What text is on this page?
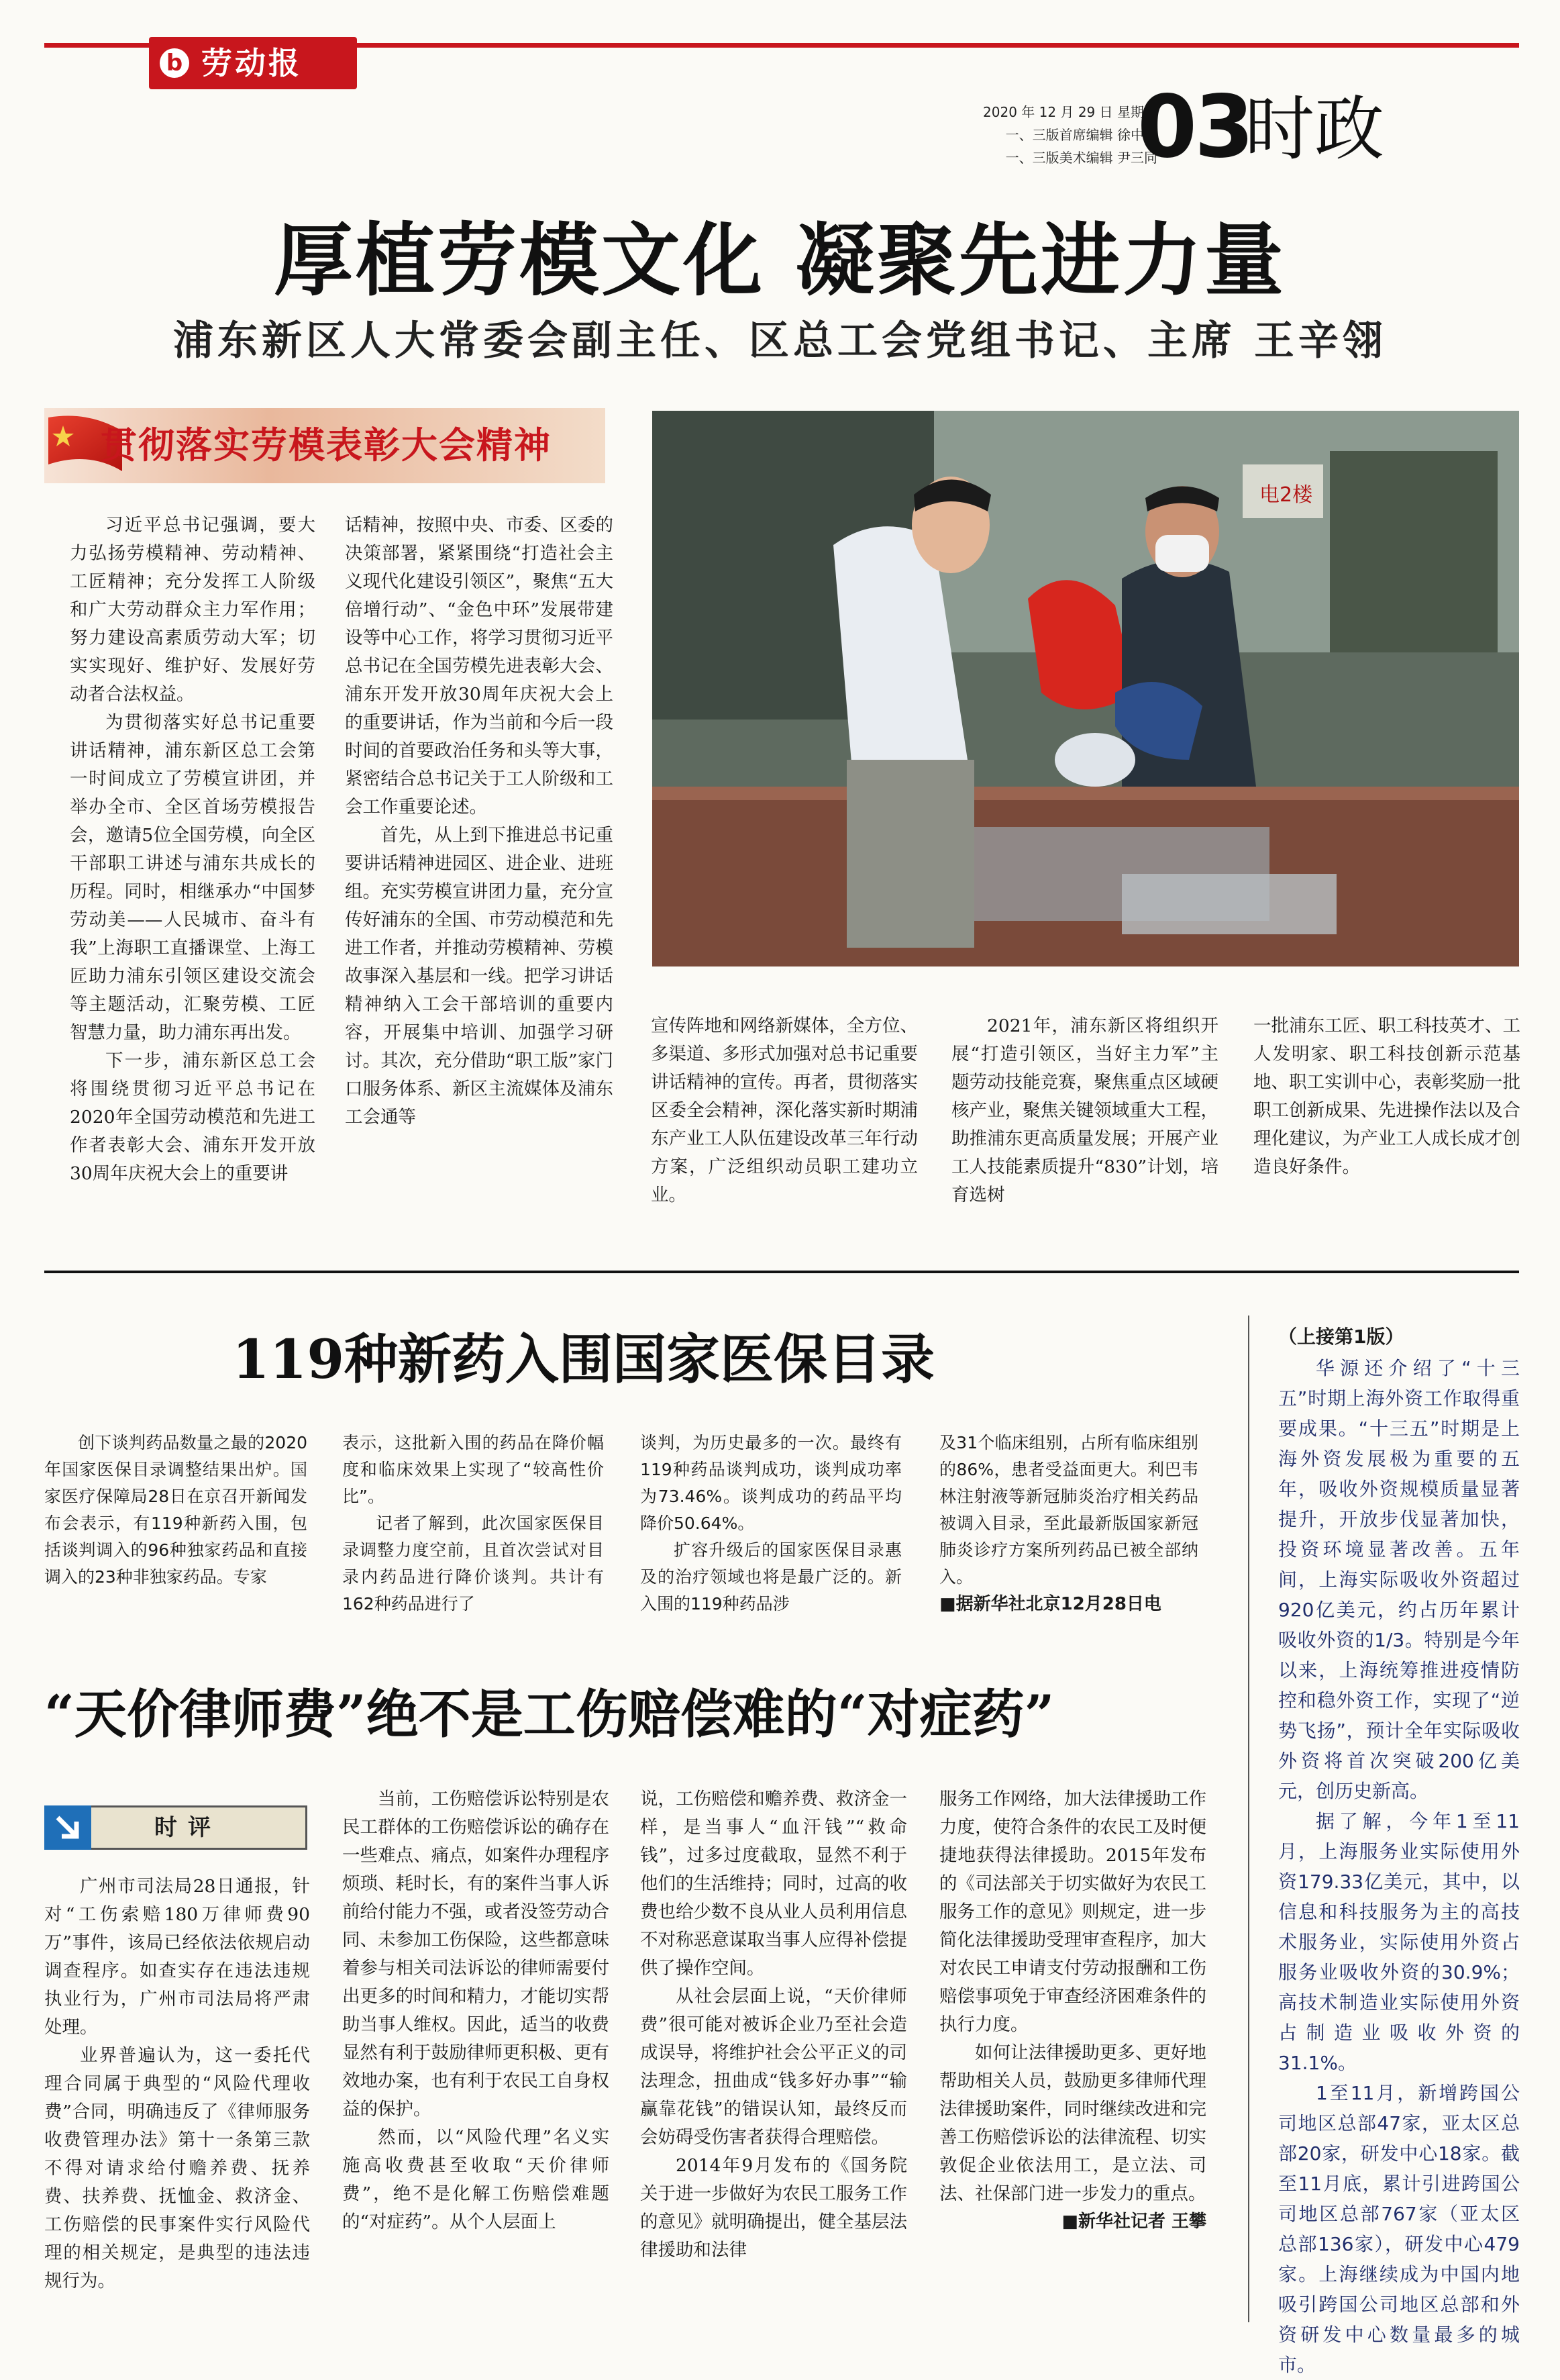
b 劳动报
2020 年 12 月 29 日 星期二
一、三版首席编辑 徐中迅
一、三版美术编辑 尹三同
03
时政
厚植劳模文化 凝聚先进力量
浦东新区人大常委会副主任、区总工会党组书记、主席 王辛翎
贯彻落实劳模表彰大会精神

习近平总书记强调，要大力弘扬劳模精神、劳动精神、工匠精神；充分发挥工人阶级和广大劳动群众主力军作用；努力建设高素质劳动大军；切实实现好、维护好、发展好劳动者合法权益。

为贯彻落实好总书记重要讲话精神，浦东新区总工会第一时间成立了劳模宣讲团，并举办全市、全区首场劳模报告会，邀请5位全国劳模，向全区干部职工讲述与浦东共成长的历程。同时，相继承办“中国梦 劳动美——人民城市、奋斗有我”上海职工直播课堂、上海工匠助力浦东引领区建设交流会等主题活动，汇聚劳模、工匠智慧力量，助力浦东再出发。

下一步，浦东新区总工会将围绕贯彻习近平总书记在2020年全国劳动模范和先进工作者表彰大会、浦东开发开放30周年庆祝大会上的重要讲

话精神，按照中央、市委、区委的决策部署，紧紧围绕“打造社会主义现代化建设引领区”，聚焦“五大倍增行动”、“金色中环”发展带建设等中心工作，将学习贯彻习近平总书记在全国劳模先进表彰大会、浦东开发开放30周年庆祝大会上的重要讲话，作为当前和今后一段时间的首要政治任务和头等大事，紧密结合总书记关于工人阶级和工会工作重要论述。

首先，从上到下推进总书记重要讲话精神进园区、进企业、进班组。充实劳模宣讲团力量，充分宣传好浦东的全国、市劳动模范和先进工作者，并推动劳模精神、劳模故事深入基层和一线。把学习讲话精神纳入工会干部培训的重要内容，开展集中培训、加强学习研讨。其次，充分借助“职工版”家门口服务体系、新区主流媒体及浦东工会通等

电2楼

宣传阵地和网络新媒体，全方位、多渠道、多形式加强对总书记重要讲话精神的宣传。再者，贯彻落实区委全会精神，深化落实新时期浦东产业工人队伍建设改革三年行动方案，广泛组织动员职工建功立业。

2021年，浦东新区将组织开展“打造引领区，当好主力军”主题劳动技能竞赛，聚焦重点区域硬核产业，聚焦关键领域重大工程，助推浦东更高质量发展；开展产业工人技能素质提升“830”计划，培育选树

一批浦东工匠、职工科技英才、工人发明家、职工科技创新示范基地、职工实训中心，表彰奖励一批职工创新成果、先进操作法以及合理化建议，为产业工人成长成才创造良好条件。

119种新药入围国家医保目录

创下谈判药品数量之最的2020年国家医保目录调整结果出炉。国家医疗保障局28日在京召开新闻发布会表示，有119种新药入围，包括谈判调入的96种独家药品和直接调入的23种非独家药品。专家

表示，这批新入围的药品在降价幅度和临床效果上实现了“较高性价比”。

记者了解到，此次国家医保目录调整力度空前，且首次尝试对目录内药品进行降价谈判。共计有162种药品进行了

谈判，为历史最多的一次。最终有119种药品谈判成功，谈判成功率为73.46%。谈判成功的药品平均降价50.64%。

扩容升级后的国家医保目录惠及的治疗领域也将是最广泛的。新入围的119种药品涉

及31个临床组别，占所有临床组别的86%，患者受益面更大。利巴韦林注射液等新冠肺炎治疗相关药品被调入目录，至此最新版国家新冠肺炎诊疗方案所列药品已被全部纳入。

■据新华社北京12月28日电
“天价律师费”绝不是工伤赔偿难的“对症药”
时评

广州市司法局28日通报，针对“工伤索赔180万律师费90万”事件，该局已经依法依规启动调查程序。如查实存在违法违规执业行为，广州市司法局将严肃处理。

业界普遍认为，这一委托代理合同属于典型的“风险代理收费”合同，明确违反了《律师服务收费管理办法》第十一条第三款不得对请求给付赡养费、抚养费、扶养费、抚恤金、救济金、工伤赔偿的民事案件实行风险代理的相关规定，是典型的违法违规行为。

当前，工伤赔偿诉讼特别是农民工群体的工伤赔偿诉讼的确存在一些难点、痛点，如案件办理程序烦琐、耗时长，有的案件当事人诉前给付能力不强，或者没签劳动合同、未参加工伤保险，这些都意味着参与相关司法诉讼的律师需要付出更多的时间和精力，才能切实帮助当事人维权。因此，适当的收费显然有利于鼓励律师更积极、更有效地办案，也有利于农民工自身权益的保护。

然而，以“风险代理”名义实施高收费甚至收取“天价律师费”，绝不是化解工伤赔偿难题的“对症药”。从个人层面上

说，工伤赔偿和赡养费、救济金一样，是当事人“血汗钱”“救命钱”，过多过度截取，显然不利于他们的生活维持；同时，过高的收费也给少数不良从业人员利用信息不对称恶意谋取当事人应得补偿提供了操作空间。

从社会层面上说，“天价律师费”很可能对被诉企业乃至社会造成误导，将维护社会公平正义的司法理念，扭曲成“钱多好办事”“输赢靠花钱”的错误认知，最终反而会妨碍受伤害者获得合理赔偿。

2014年9月发布的《国务院关于进一步做好为农民工服务工作的意见》就明确提出，健全基层法律援助和法律

服务工作网络，加大法律援助工作力度，使符合条件的农民工及时便捷地获得法律援助。2015年发布的《司法部关于切实做好为农民工服务工作的意见》则规定，进一步简化法律援助受理审查程序，加大对农民工申请支付劳动报酬和工伤赔偿事项免于审查经济困难条件的执行力度。

如何让法律援助更多、更好地帮助相关人员，鼓励更多律师代理法律援助案件，同时继续改进和完善工伤赔偿诉讼的法律流程、切实敦促企业依法用工，是立法、司法、社保部门进一步发力的重点。

■新华社记者 王攀
（上接第1版）

华源还介绍了“十三五”时期上海外资工作取得重要成果。“十三五”时期是上海外资发展极为重要的五年，吸收外资规模质量显著提升，开放步伐显著加快，投资环境显著改善。五年间，上海实际吸收外资超过920亿美元，约占历年累计吸收外资的1/3。特别是今年以来，上海统筹推进疫情防控和稳外资工作，实现了“逆势飞扬”，预计全年实际吸收外资将首次突破200亿美元，创历史新高。

据了解，今年1至11月，上海服务业实际使用外资179.33亿美元，其中，以信息和科技服务为主的高技术服务业，实际使用外资占服务业吸收外资的30.9%；高技术制造业实际使用外资占制造业吸收外资的31.1%。

1至11月，新增跨国公司地区总部47家，亚太区总部20家，研发中心18家。截至11月底，累计引进跨国公司地区总部767家（亚太区总部136家），研发中心479家。上海继续成为中国内地吸引跨国公司地区总部和外资研发中心数量最多的城市。
